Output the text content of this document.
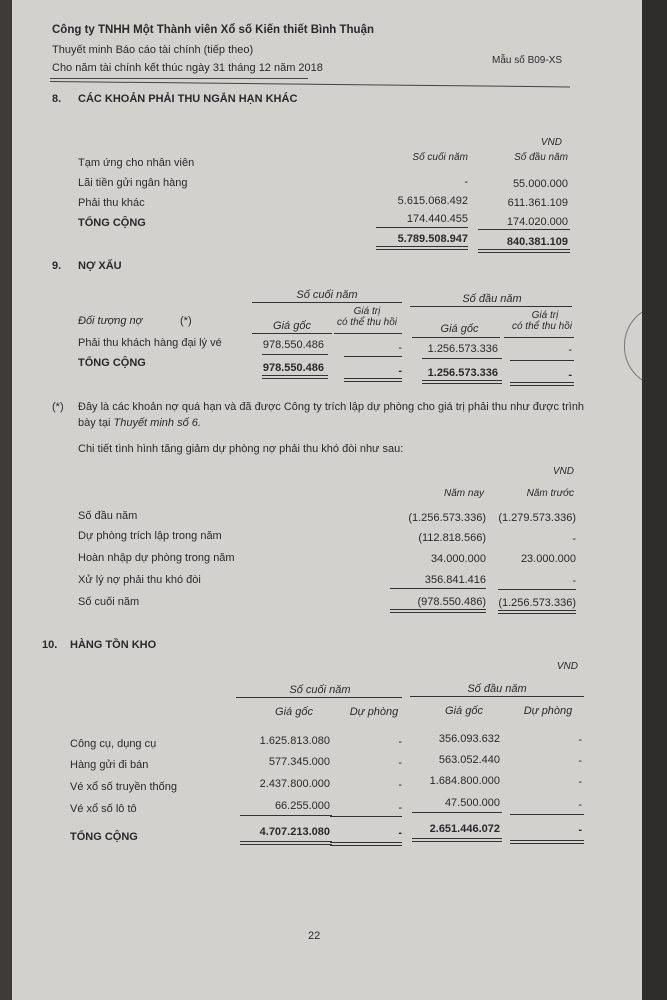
Công ty TNHH Một Thành viên Xổ số Kiến thiết Bình Thuận
Thuyết minh Báo cáo tài chính (tiếp theo)
Cho năm tài chính kết thúc ngày 31 tháng 12 năm 2018
Mẫu số B09-XS
8. CÁC KHOẢN PHẢI THU NGẮN HẠN KHÁC
VND
Số cuối năm	Số đầu năm
Tạm ứng cho nhân viên
Lãi tiền gửi ngân hàng	-	55.000.000
Phải thu khác	5.615.068.492	611.361.109
TỔNG CỘNG	174.440.455	174.020.000
5.789.508.947	840.381.109
9. NỢ XẤU
Số cuối năm	Số đầu năm
Đối tượng nợ	(*)
Giá trị
có thể thu hồi
Giá trị
có thể thu hồi
Giá gốc	Giá gốc
Phải thu khách hàng đại lý vé	978.550.486	-	1.256.573.336	-
TỔNG CỘNG	978.550.486	-	1.256.573.336	-
(*) Đây là các khoản nợ quá hạn và đã được Công ty trích lập dự phòng cho giá trị phải thu như được trình
bày tại Thuyết minh số 6.
Chi tiết tình hình tăng giảm dự phòng nợ phải thu khó đòi như sau:
VND
Năm nay	Năm trước
Số đầu năm	(1.256.573.336)	(1.279.573.336)
Dự phòng trích lập trong năm	(112.818.566)	-
Hoàn nhập dự phòng trong năm	34.000.000	23.000.000
Xử lý nợ phải thu khó đòi	356.841.416	-
Số cuối năm	(978.550.486)	(1.256.573.336)
10. HÀNG TỒN KHO
VND
Số cuối năm	Số đầu năm
Giá gốc	Dự phòng	Giá gốc	Dự phòng
Công cụ, dụng cụ	1.625.813.080	-	356.093.632	-
Hàng gửi đi bán	577.345.000	-	563.052.440	-
Vé xổ số truyền thống	2.437.800.000	-	1.684.800.000	-
Vé xổ số lô tô	66.255.000	-	47.500.000	-
TỔNG CỘNG	4.707.213.080	-	2.651.446.072	-
22
